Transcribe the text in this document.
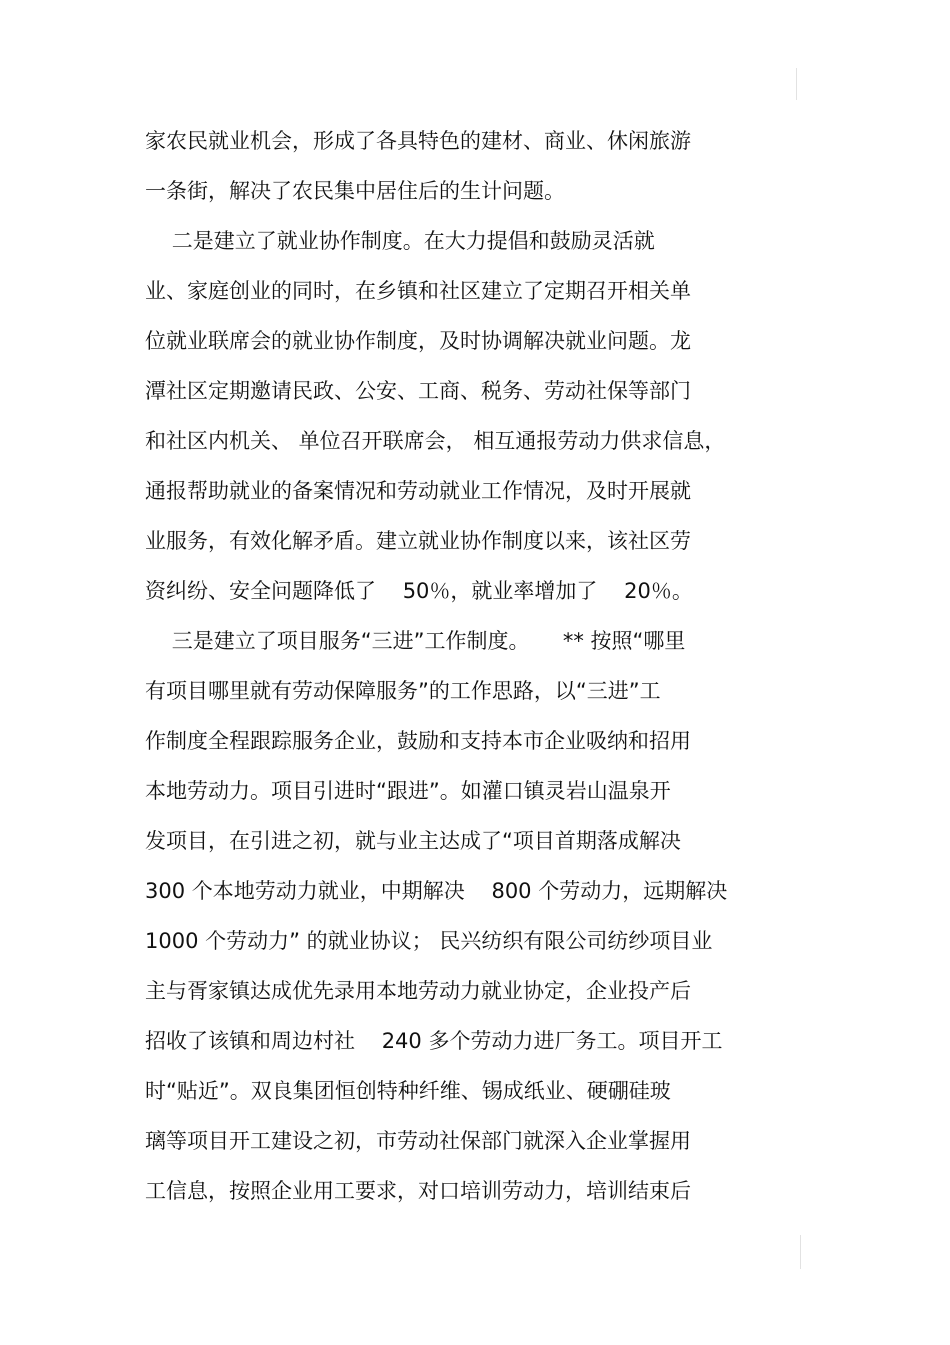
家农民就业机会，形成了各具特色的建材、商业、休闲旅游
一条街，解决了农民集中居住后的生计问题。
二是建立了就业协作制度。在大力提倡和鼓励灵活就
业、家庭创业的同时，在乡镇和社区建立了定期召开相关单
位就业联席会的就业协作制度，及时协调解决就业问题。龙
潭社区定期邀请民政、公安、工商、税务、劳动社保等部门
和社区内机关、 单位召开联席会， 相互通报劳动力供求信息，
通报帮助就业的备案情况和劳动就业工作情况，及时开展就
业服务，有效化解矛盾。建立就业协作制度以来，该社区劳
资纠纷、安全问题降低了    50％，就业率增加了    20％。
三是建立了项目服务“三进”工作制度。     ** 按照“哪里
有项目哪里就有劳动保障服务”的工作思路，以“三进”工
作制度全程跟踪服务企业，鼓励和支持本市企业吸纳和招用
本地劳动力。项目引进时“跟进”。如灌口镇灵岩山温泉开
发项目，在引进之初，就与业主达成了“项目首期落成解决
300 个本地劳动力就业，中期解决    800 个劳动力，远期解决
1000 个劳动力” 的就业协议； 民兴纺织有限公司纺纱项目业
主与胥家镇达成优先录用本地劳动力就业协定，企业投产后
招收了该镇和周边村社    240 多个劳动力进厂务工。项目开工
时“贴近”。双良集团恒创特种纤维、锡成纸业、硬硼硅玻
璃等项目开工建设之初，市劳动社保部门就深入企业掌握用
工信息，按照企业用工要求，对口培训劳动力，培训结束后
